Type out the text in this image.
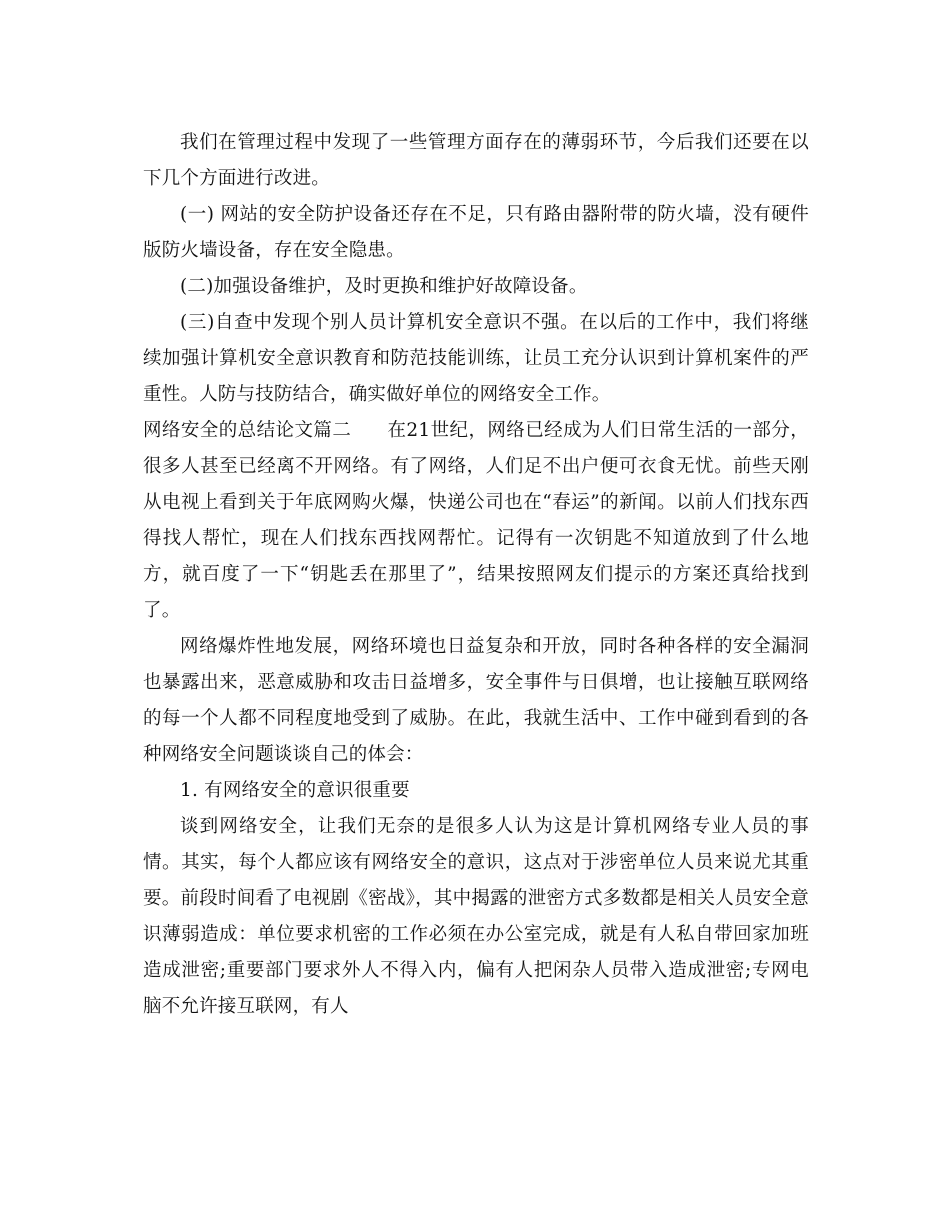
我们在管理过程中发现了一些管理方面存在的薄弱环节，今后我们还要在以下几个方面进行改进。

(一) 网站的安全防护设备还存在不足，只有路由器附带的防火墙，没有硬件版防火墙设备，存在安全隐患。

(二)加强设备维护，及时更换和维护好故障设备。

(三)自查中发现个别人员计算机安全意识不强。在以后的工作中，我们将继续加强计算机安全意识教育和防范技能训练，让员工充分认识到计算机案件的严重性。人防与技防结合，确实做好单位的网络安全工作。

网络安全的总结论文篇二 在21世纪，网络已经成为人们日常生活的一部分，很多人甚至已经离不开网络。有了网络，人们足不出户便可衣食无忧。前些天刚从电视上看到关于年底网购火爆，快递公司也在“春运”的新闻。以前人们找东西得找人帮忙，现在人们找东西找网帮忙。记得有一次钥匙不知道放到了什么地方，就百度了一下“钥匙丢在那里了”，结果按照网友们提示的方案还真给找到了。

网络爆炸性地发展，网络环境也日益复杂和开放，同时各种各样的安全漏洞也暴露出来，恶意威胁和攻击日益增多，安全事件与日俱增，也让接触互联网络的每一个人都不同程度地受到了威胁。在此，我就生活中、工作中碰到看到的各种网络安全问题谈谈自己的体会：

1. 有网络安全的意识很重要

谈到网络安全，让我们无奈的是很多人认为这是计算机网络专业人员的事情。其实，每个人都应该有网络安全的意识，这点对于涉密单位人员来说尤其重要。前段时间看了电视剧《密战》，其中揭露的泄密方式多数都是相关人员安全意识薄弱造成：单位要求机密的工作必须在办公室完成，就是有人私自带回家加班造成泄密;重要部门要求外人不得入内，偏有人把闲杂人员带入造成泄密;专网电脑不允许接互联网，有人
